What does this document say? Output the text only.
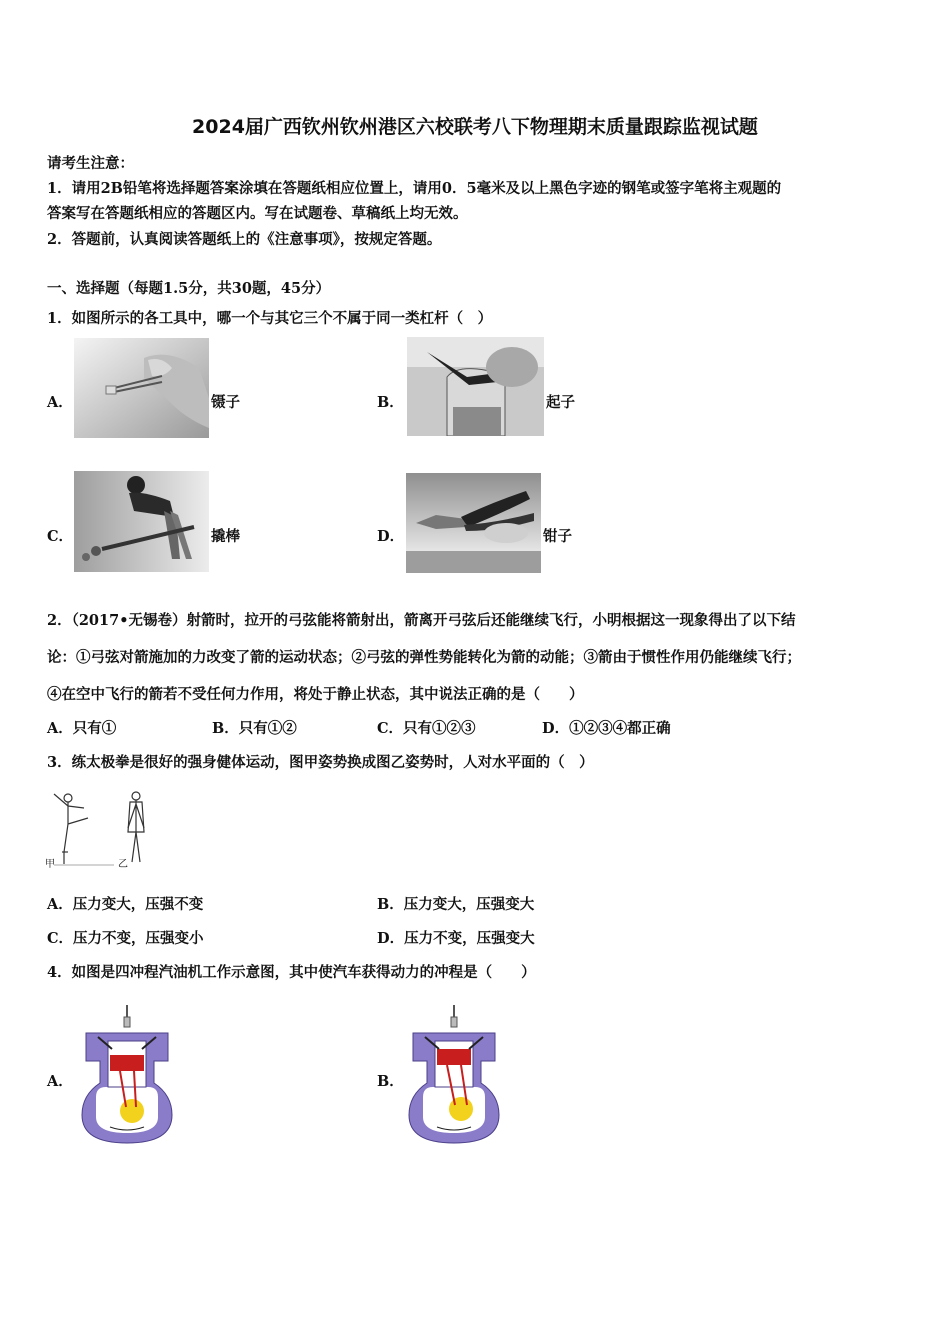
2024届广西钦州钦州港区六校联考八下物理期末质量跟踪监视试题
请考生注意：
1．请用2B铅笔将选择题答案涂填在答题纸相应位置上，请用0．5毫米及以上黑色字迹的钢笔或签字笔将主观题的
答案写在答题纸相应的答题区内。写在试题卷、草稿纸上均无效。
2．答题前，认真阅读答题纸上的《注意事项》，按规定答题。
一、选择题（每题1.5分，共30题，45分）
1．如图所示的各工具中，哪一个与其它三个不属于同一类杠杆（　）
A．	镊子	B．	起子
C．	撬棒	D．	钳子
2．（2017•无锡卷）射箭时，拉开的弓弦能将箭射出，箭离开弓弦后还能继续飞行，小明根据这一现象得出了以下结
论：①弓弦对箭施加的力改变了箭的运动状态；②弓弦的弹性势能转化为箭的动能；③箭由于惯性作用仍能继续飞行；
④在空中飞行的箭若不受任何力作用，将处于静止状态，其中说法正确的是（　　）
A．只有①	B．只有①②	C．只有①②③	D．①②③④都正确
3．练太极拳是很好的强身健体运动，图甲姿势换成图乙姿势时，人对水平面的（　）
甲	乙
A．压力变大，压强不变	B．压力变大，压强变大
C．压力不变，压强变小	D．压力不变，压强变大
4．如图是四冲程汽油机工作示意图，其中使汽车获得动力的冲程是（　　）
A．	B．
